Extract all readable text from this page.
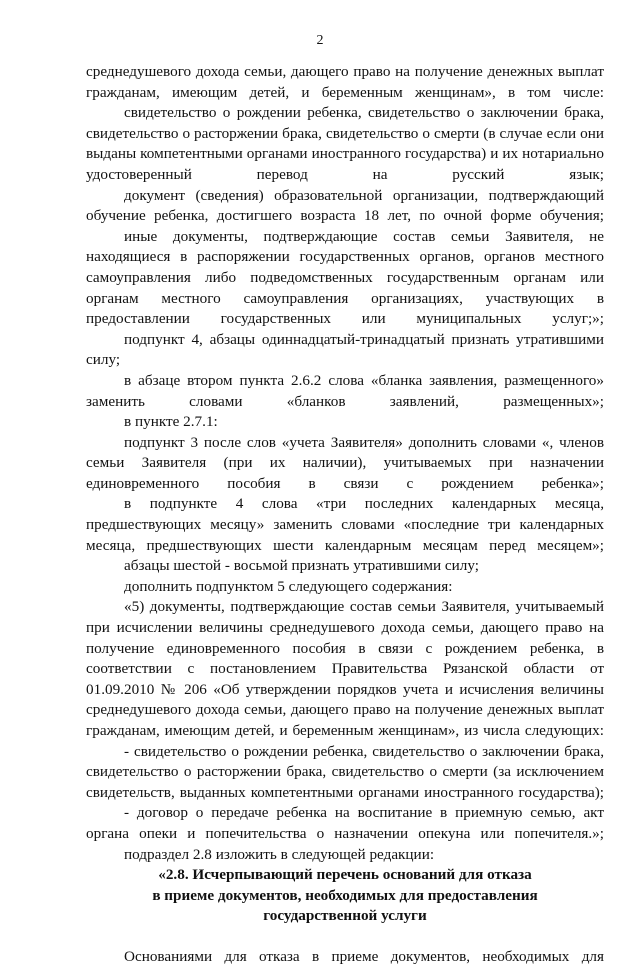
2

среднедушевого дохода семьи, дающего право на получение денежных выплат гражданам, имеющим детей, и беременным женщинам», в том числе:

свидетельство о рождении ребенка, свидетельство о заключении брака, свидетельство о расторжении брака, свидетельство о смерти (в случае если они выданы компетентными органами иностранного государства) и их нотариально удостоверенный перевод на русский язык;

документ (сведения) образовательной организации, подтверждающий обучение ребенка, достигшего возраста 18 лет, по очной форме обучения;

иные документы, подтверждающие состав семьи Заявителя, не находящиеся в распоряжении государственных органов, органов местного самоуправления либо подведомственных государственным органам или органам местного самоуправления организациях, участвующих в предоставлении государственных или муниципальных услуг;»;

подпункт 4, абзацы одиннадцатый-тринадцатый признать утратившими силу;

в абзаце втором пункта 2.6.2 слова «бланка заявления, размещенного» заменить словами «бланков заявлений, размещенных»;

в пункте 2.7.1:

подпункт 3 после слов «учета Заявителя» дополнить словами «, членов семьи Заявителя (при их наличии), учитываемых при назначении единовременного пособия в связи с рождением ребенка»;

в подпункте 4 слова «три последних календарных месяца, предшествующих месяцу» заменить словами «последние три календарных месяца, предшествующих шести календарным месяцам перед месяцем»;

абзацы шестой - восьмой признать утратившими силу;

дополнить подпунктом 5 следующего содержания:

«5) документы, подтверждающие состав семьи Заявителя, учитываемый при исчислении величины среднедушевого дохода семьи, дающего право на получение единовременного пособия в связи с рождением ребенка, в соответствии с постановлением Правительства Рязанской области от 01.09.2010 № 206 «Об утверждении порядков учета и исчисления величины среднедушевого дохода семьи, дающего право на получение денежных выплат гражданам, имеющим детей, и беременным женщинам», из числа следующих:

- свидетельство о рождении ребенка, свидетельство о заключении брака, свидетельство о расторжении брака, свидетельство о смерти (за исключением свидетельств, выданных компетентными органами иностранного государства);

- договор о передаче ребенка на воспитание в приемную семью, акт органа опеки и попечительства о назначении опекуна или попечителя.»;

подраздел 2.8 изложить в следующей редакции:

«2.8. Исчерпывающий перечень оснований для отказа

в приеме документов, необходимых для предоставления

государственной услуги

Основаниями для отказа в приеме документов, необходимых для
